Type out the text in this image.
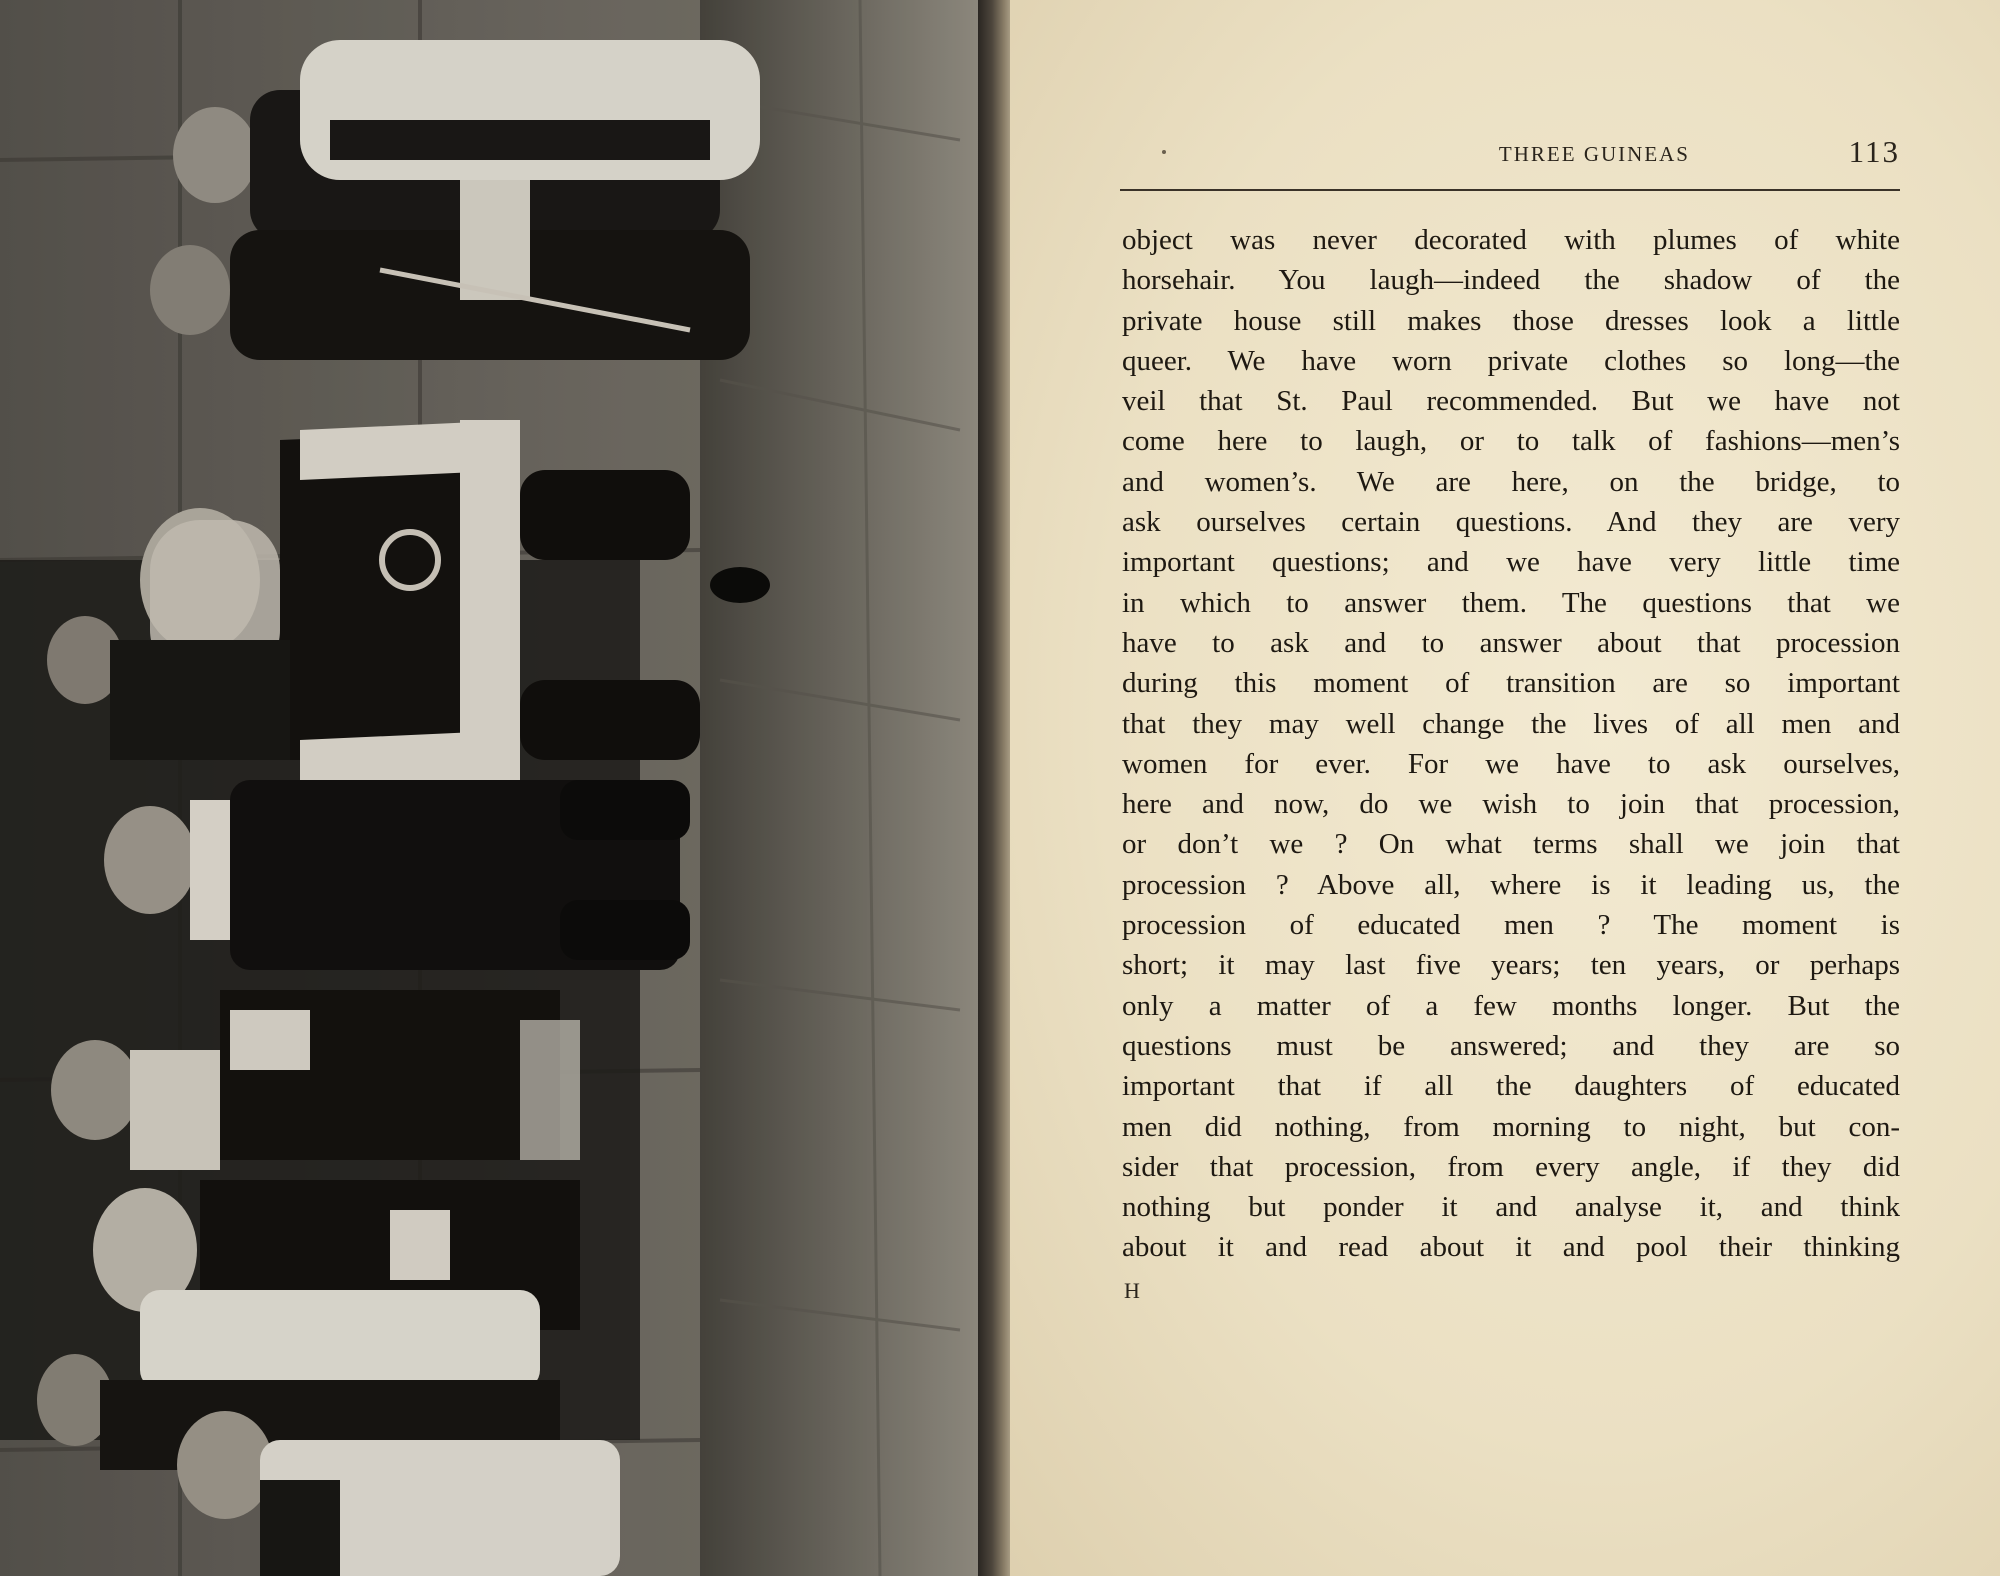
THREE GUINEAS	113
object was never decorated with plumes of white
horsehair. You laugh—indeed the shadow of the
private house still makes those dresses look a little
queer. We have worn private clothes so long—the
veil that St. Paul recommended. But we have not
come here to laugh, or to talk of fashions—men’s
and women’s. We are here, on the bridge, to
ask ourselves certain questions. And they are very
important questions; and we have very little time
in which to answer them. The questions that we
have to ask and to answer about that procession
during this moment of transition are so important
that they may well change the lives of all men and
women for ever. For we have to ask ourselves,
here and now, do we wish to join that procession,
or don’t we ? On what terms shall we join that
procession ? Above all, where is it leading us, the
procession of educated men ? The moment is
short; it may last five years; ten years, or perhaps
only a matter of a few months longer. But the
questions must be answered; and they are so
important that if all the daughters of educated
men did nothing, from morning to night, but con-
sider that procession, from every angle, if they did
nothing but ponder it and analyse it, and think
about it and read about it and pool their thinking
H
